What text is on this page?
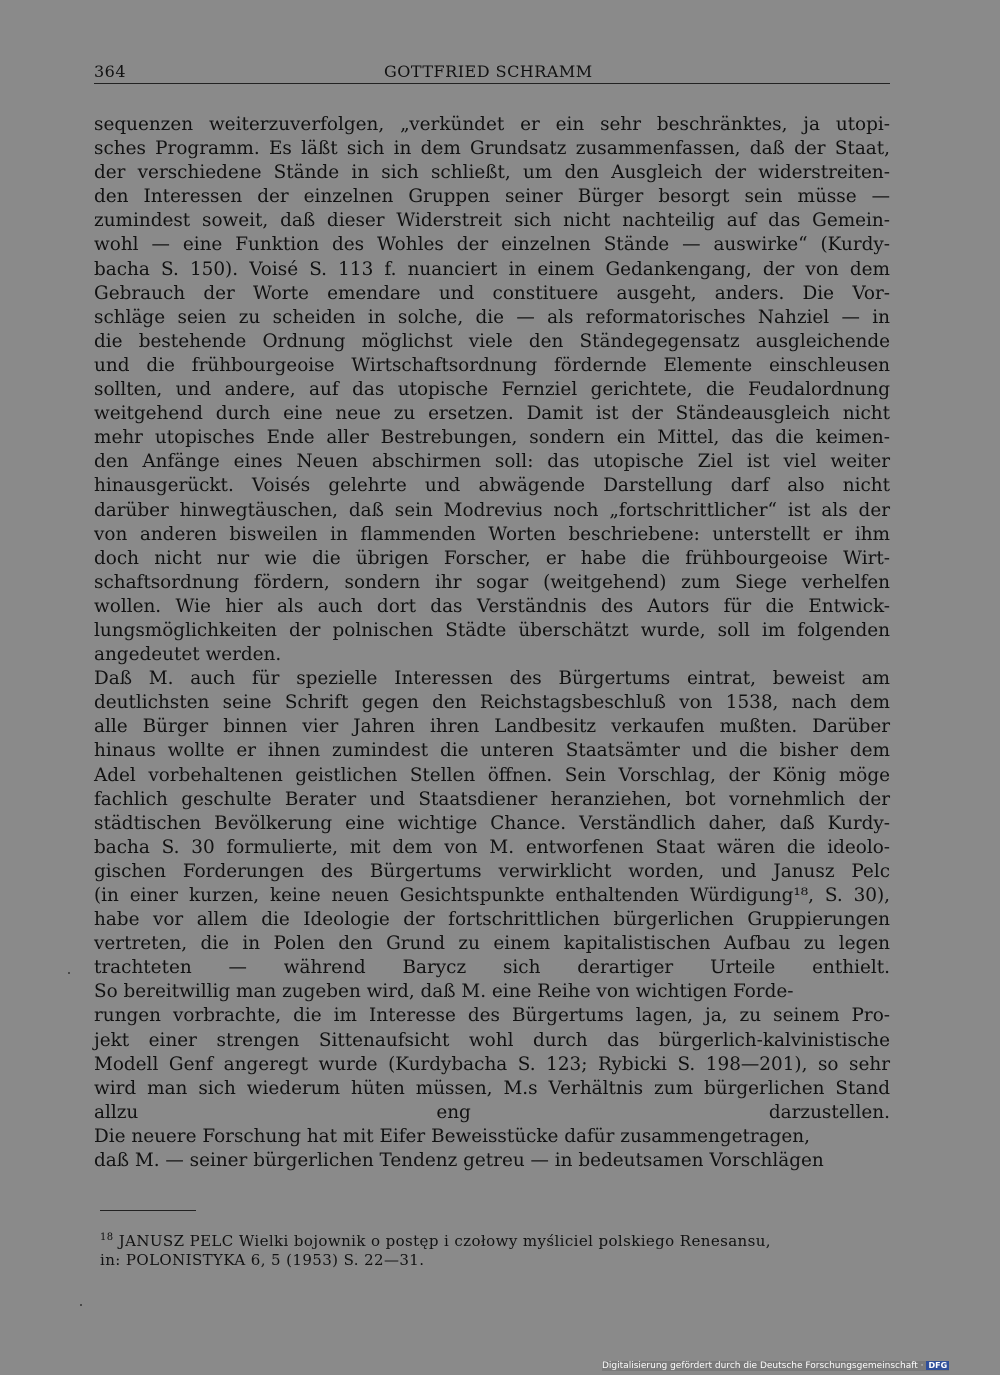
364	GOTTFRIED SCHRAMM
sequenzen weiterzuverfolgen, „verkündet er ein sehr beschränktes, ja utopi-
sches Programm. Es läßt sich in dem Grundsatz zusammenfassen, daß der Staat,
der verschiedene Stände in sich schließt, um den Ausgleich der widerstreiten-
den Interessen der einzelnen Gruppen seiner Bürger besorgt sein müsse —
zumindest soweit, daß dieser Widerstreit sich nicht nachteilig auf das Gemein-
wohl — eine Funktion des Wohles der einzelnen Stände — auswirke“ (Kurdy-
bacha S. 150). Voisé S. 113 f. nuanciert in einem Gedankengang, der von dem
Gebrauch der Worte emendare und constituere ausgeht, anders. Die Vor-
schläge seien zu scheiden in solche, die — als reformatorisches Nahziel — in
die bestehende Ordnung möglichst viele den Ständegegensatz ausgleichende
und die frühbourgeoise Wirtschaftsordnung fördernde Elemente einschleusen
sollten, und andere, auf das utopische Fernziel gerichtete, die Feudalordnung
weitgehend durch eine neue zu ersetzen. Damit ist der Ständeausgleich nicht
mehr utopisches Ende aller Bestrebungen, sondern ein Mittel, das die keimen-
den Anfänge eines Neuen abschirmen soll: das utopische Ziel ist viel weiter
hinausgerückt. Voisés gelehrte und abwägende Darstellung darf also nicht
darüber hinwegtäuschen, daß sein Modrevius noch „fortschrittlicher“ ist als der
von anderen bisweilen in flammenden Worten beschriebene: unterstellt er ihm
doch nicht nur wie die übrigen Forscher, er habe die frühbourgeoise Wirt-
schaftsordnung fördern, sondern ihr sogar (weitgehend) zum Siege verhelfen
wollen. Wie hier als auch dort das Verständnis des Autors für die Entwick-
lungsmöglichkeiten der polnischen Städte überschätzt wurde, soll im folgenden
angedeutet werden.
Daß M. auch für spezielle Interessen des Bürgertums eintrat, beweist am
deutlichsten seine Schrift gegen den Reichstagsbeschluß von 1538, nach dem
alle Bürger binnen vier Jahren ihren Landbesitz verkaufen mußten. Darüber
hinaus wollte er ihnen zumindest die unteren Staatsämter und die bisher dem
Adel vorbehaltenen geistlichen Stellen öffnen. Sein Vorschlag, der König möge
fachlich geschulte Berater und Staatsdiener heranziehen, bot vornehmlich der
städtischen Bevölkerung eine wichtige Chance. Verständlich daher, daß Kurdy-
bacha S. 30 formulierte, mit dem von M. entworfenen Staat wären die ideolo-
gischen Forderungen des Bürgertums verwirklicht worden, und Janusz Pelc
(in einer kurzen, keine neuen Gesichtspunkte enthaltenden Würdigung¹⁸, S. 30),
habe vor allem die Ideologie der fortschrittlichen bürgerlichen Gruppierungen
vertreten, die in Polen den Grund zu einem kapitalistischen Aufbau zu legen
trachteten — während Barycz sich derartiger Urteile enthielt.
So bereitwillig man zugeben wird, daß M. eine Reihe von wichtigen Forde-
rungen vorbrachte, die im Interesse des Bürgertums lagen, ja, zu seinem Pro-
jekt einer strengen Sittenaufsicht wohl durch das bürgerlich-kalvinistische
Modell Genf angeregt wurde (Kurdybacha S. 123; Rybicki S. 198—201), so sehr
wird man sich wiederum hüten müssen, M.s Verhältnis zum bürgerlichen Stand
allzu eng darzustellen.
Die neuere Forschung hat mit Eifer Beweisstücke dafür zusammengetragen,
daß M. — seiner bürgerlichen Tendenz getreu — in bedeutsamen Vorschlägen
$^{18}$ JANUSZ PELC Wielki bojownik o postęp i czołowy myśliciel polskiego Renesansu,
in: POLONISTYKA 6, 5 (1953) S. 22—31.
Digitalisierung gefördert durch die Deutsche Forschungsgemeinschaft · DFG
